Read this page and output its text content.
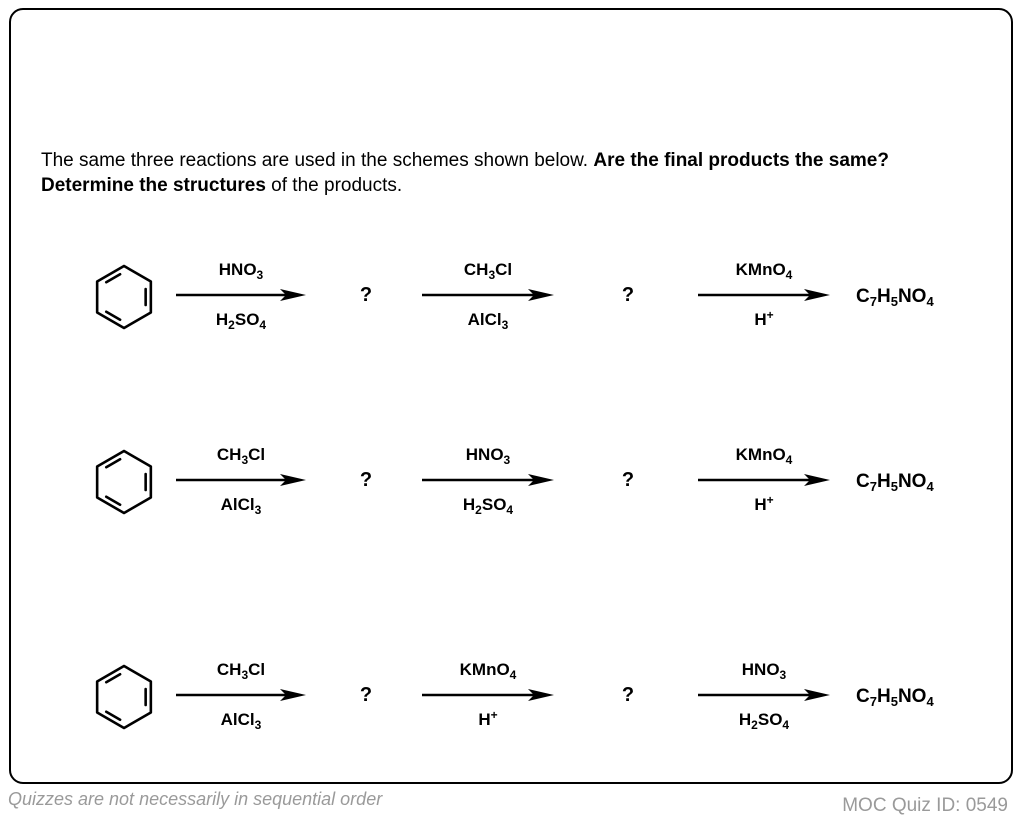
The same three reactions are used in the schemes shown below. Are the final products the same? Determine the structures of the products.
$HNO_3$
$H_2SO_4$
$CH_3Cl$
AlCl$_3$
KMnO$_4$
H+
?	?	$C_7H_5NO_4$
$CH_3Cl$
AlCl$_3$
$HNO_3$
$H_2SO_4$
KMnO$_4$
H+
?	?	$C_7H_5NO_4$
$CH_3Cl$
AlCl$_3$
KMnO$_4$
H+
$HNO_3$
$H_2SO_4$
?	?	$C_7H_5NO_4$
Quizzes are not necessarily in sequential order	MOC Quiz ID: 0549
